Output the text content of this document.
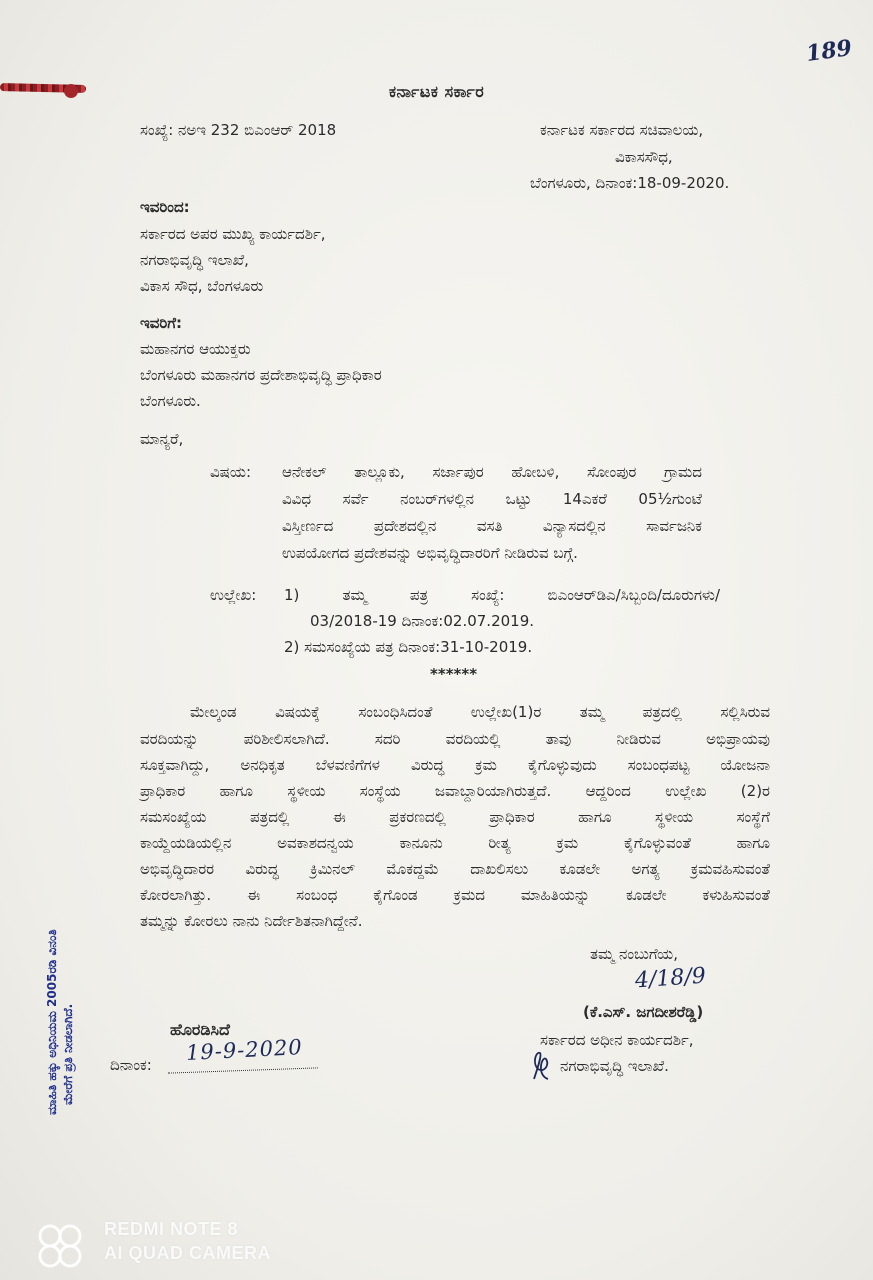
189
ಕರ್ನಾಟಕ ಸರ್ಕಾರ
ಸಂಖ್ಯೆ: ನಅಇ 232 ಬಿಎಂಆರ್ 2018	ಕರ್ನಾಟಕ ಸರ್ಕಾರದ ಸಚಿವಾಲಯ,
ವಿಕಾಸಸೌಧ,
ಬೆಂಗಳೂರು, ದಿನಾಂಕ:18-09-2020.
ಇವರಿಂದ:
ಸರ್ಕಾರದ ಅಪರ ಮುಖ್ಯ ಕಾರ್ಯದರ್ಶಿ,
ನಗರಾಭಿವೃದ್ಧಿ ಇಲಾಖೆ,
ವಿಕಾಸ ಸೌಧ, ಬೆಂಗಳೂರು
ಇವರಿಗೆ:
ಮಹಾನಗರ ಆಯುಕ್ತರು
ಬೆಂಗಳೂರು ಮಹಾನಗರ ಪ್ರದೇಶಾಭಿವೃದ್ಧಿ ಪ್ರಾಧಿಕಾರ
ಬೆಂಗಳೂರು.
ಮಾನ್ಯರೆ,
ವಿಷಯ: ಆನೇಕಲ್ ತಾಲ್ಲೂಕು, ಸರ್ಜಾಪುರ ಹೋಬಳಿ, ಸೋಂಪುರ ಗ್ರಾಮದ
ವಿವಿಧ ಸರ್ವೆ ನಂಬರ್‌ಗಳಲ್ಲಿನ ಒಟ್ಟು 14ಎಕರೆ 05½ಗುಂಟೆ
ವಿಸ್ತೀರ್ಣದ ಪ್ರದೇಶದಲ್ಲಿನ ವಸತಿ ವಿನ್ಯಾಸದಲ್ಲಿನ ಸಾರ್ವಜನಿಕ
ಉಪಯೋಗದ ಪ್ರದೇಶವನ್ನು ಅಭಿವೃದ್ಧಿದಾರರಿಗೆ ನೀಡಿರುವ ಬಗ್ಗೆ.
ಉಲ್ಲೇಖ: 1) ತಮ್ಮ ಪತ್ರ ಸಂಖ್ಯೆ: ಬಿಎಂಆರ್‌ಡಿಎ/ಸಿಬ್ಬಂದಿ/ದೂರುಗಳು/
03/2018-19 ದಿನಾಂಕ:02.07.2019.
2) ಸಮಸಂಖ್ಯೆಯ ಪತ್ರ ದಿನಾಂಕ:31-10-2019.
******
ಮೇಲ್ಕಂಡ ವಿಷಯಕ್ಕೆ ಸಂಬಂಧಿಸಿದಂತೆ ಉಲ್ಲೇಖ(1)ರ ತಮ್ಮ ಪತ್ರದಲ್ಲಿ ಸಲ್ಲಿಸಿರುವ
ವರದಿಯನ್ನು ಪರಿಶೀಲಿಸಲಾಗಿದೆ. ಸದರಿ ವರದಿಯಲ್ಲಿ ತಾವು ನೀಡಿರುವ ಅಭಿಪ್ರಾಯವು
ಸೂಕ್ತವಾಗಿದ್ದು, ಅನಧಿಕೃತ ಬೆಳವಣಿಗೆಗಳ ವಿರುದ್ಧ ಕ್ರಮ ಕೈಗೊಳ್ಳುವುದು ಸಂಬಂಧಪಟ್ಟ ಯೋಜನಾ
ಪ್ರಾಧಿಕಾರ ಹಾಗೂ ಸ್ಥಳೀಯ ಸಂಸ್ಥೆಯ ಜವಾಬ್ದಾರಿಯಾಗಿರುತ್ತದೆ. ಆದ್ದರಿಂದ ಉಲ್ಲೇಖ (2)ರ
ಸಮಸಂಖ್ಯೆಯ ಪತ್ರದಲ್ಲಿ ಈ ಪ್ರಕರಣದಲ್ಲಿ ಪ್ರಾಧಿಕಾರ ಹಾಗೂ ಸ್ಥಳೀಯ ಸಂಸ್ಥೆಗೆ
ಕಾಯ್ದೆಯಡಿಯಲ್ಲಿನ ಅವಕಾಶದನ್ವಯ ಕಾನೂನು ರೀತ್ಯ ಕ್ರಮ ಕೈಗೊಳ್ಳುವಂತೆ ಹಾಗೂ
ಅಭಿವೃದ್ಧಿದಾರರ ವಿರುದ್ಧ ಕ್ರಿಮಿನಲ್ ಮೊಕದ್ದಮೆ ದಾಖಲಿಸಲು ಕೂಡಲೇ ಅಗತ್ಯ ಕ್ರಮವಹಿಸುವಂತೆ
ಕೋರಲಾಗಿತ್ತು. ಈ ಸಂಬಂಧ ಕೈಗೊಂಡ ಕ್ರಮದ ಮಾಹಿತಿಯನ್ನು ಕೂಡಲೇ ಕಳುಹಿಸುವಂತೆ
ತಮ್ಮನ್ನು ಕೋರಲು ನಾನು ನಿರ್ದೇಶಿತನಾಗಿದ್ದೇನೆ.
ತಮ್ಮ ನಂಬುಗೆಯ,
4/18/9
(ಕೆ.ಎಸ್. ಜಗದೀಶರೆಡ್ಡಿ)
ಸರ್ಕಾರದ ಅಧೀನ ಕಾರ್ಯದರ್ಶಿ,
ನಗರಾಭಿವೃದ್ಧಿ ಇಲಾಖೆ.
ಹೊರಡಿಸಿದೆ
ದಿನಾಂಕ: 19-9-2020
ಮಾಹಿತಿ ಹಕ್ಕು ಅಧಿನಿಯಮ 2005ರಡಿ ವಿನಂತಿ ಮೇರೆಗೆ ಪ್ರತಿ ನೀಡಲಾಗಿದೆ.
REDMI NOTE 8
AI QUAD CAMERA
